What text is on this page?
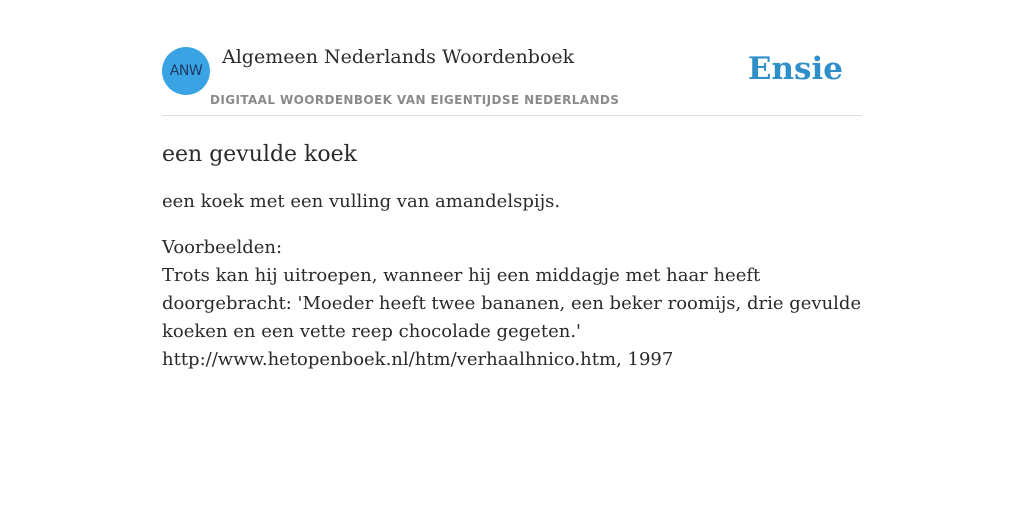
ANW
Algemeen Nederlands Woordenboek
DIGITAAL WOORDENBOEK VAN EIGENTIJDSE NEDERLANDS
Ensie
een gevulde koek

een koek met een vulling van amandelspijs.

Voorbeelden:
Trots kan hij uitroepen, wanneer hij een middagje met haar heeft doorgebracht: 'Moeder heeft twee bananen, een beker roomijs, drie gevulde koeken en een vette reep chocolade gegeten.'
http://www.hetopenboek.nl/htm/verhaalhnico.htm, 1997
